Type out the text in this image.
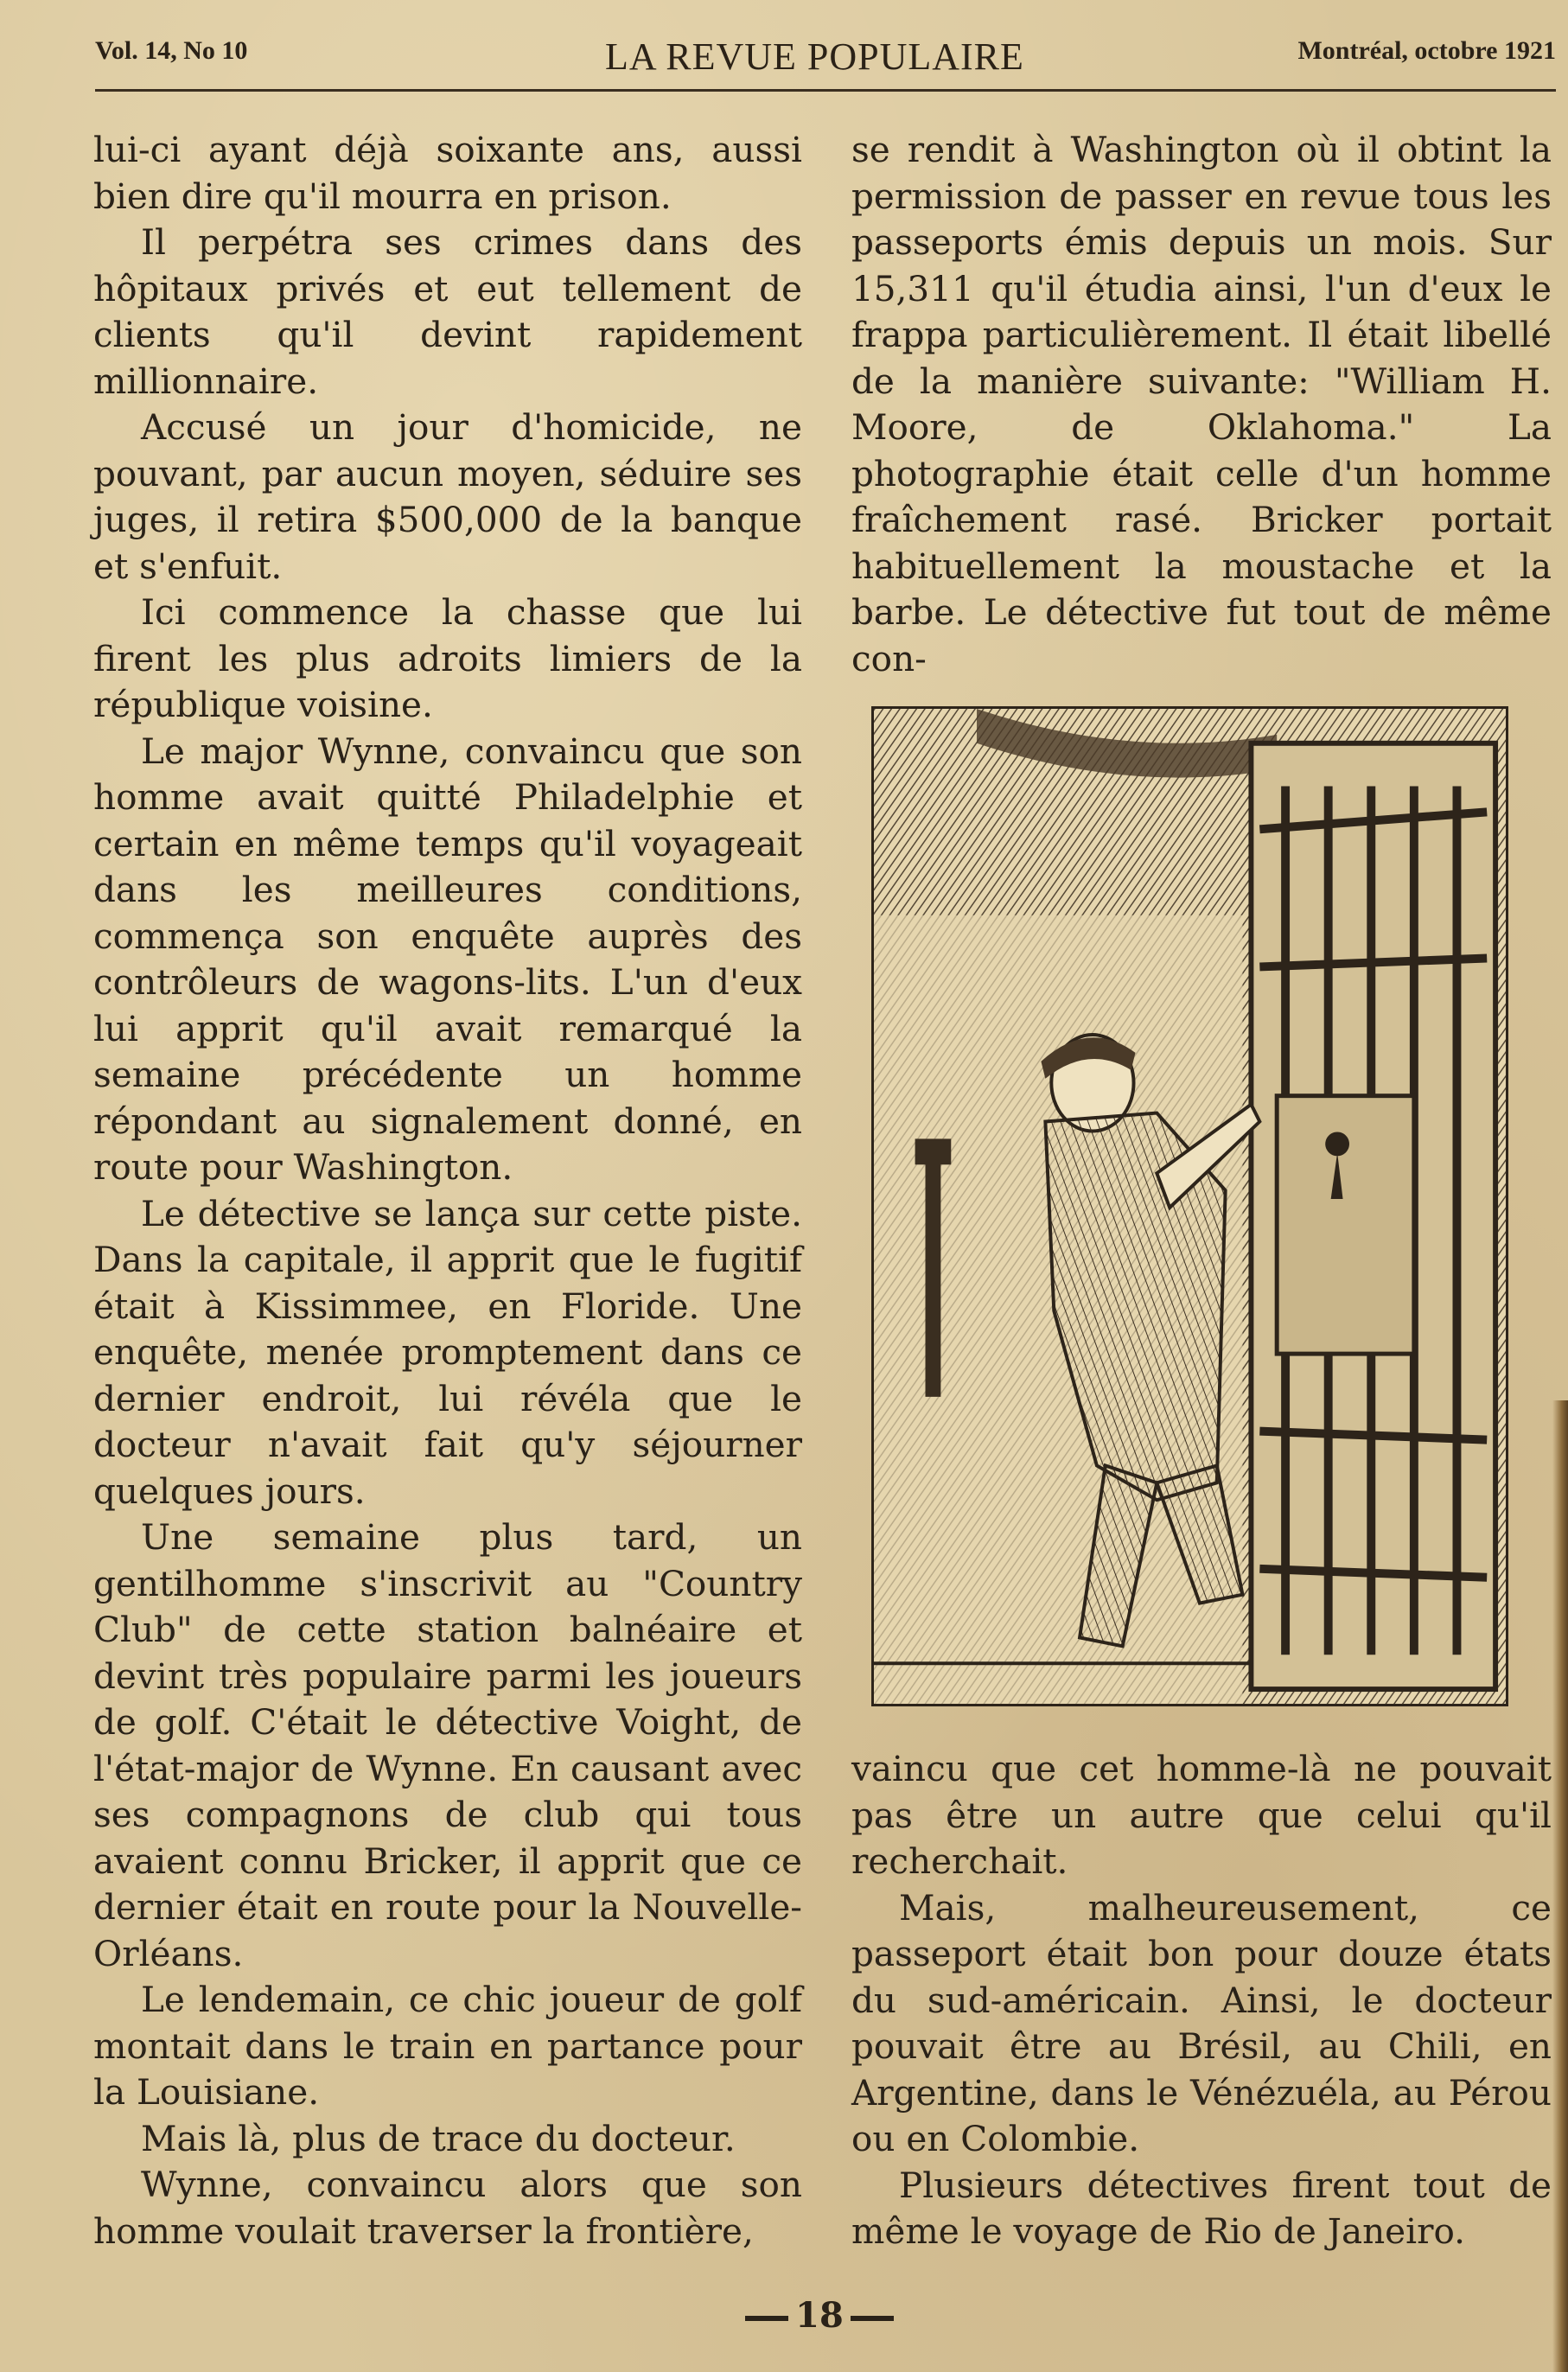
Vol. 14, No 10	LA REVUE POPULAIRE	Montréal, octobre 1921

lui-ci ayant déjà soixante ans, aussi bien dire qu'il mourra en prison.

Il perpétra ses crimes dans des hôpitaux privés et eut tellement de clients qu'il devint rapidement millionnaire.

Accusé un jour d'homicide, ne pouvant, par aucun moyen, séduire ses juges, il retira $500,000 de la banque et s'enfuit.

Ici commence la chasse que lui firent les plus adroits limiers de la république voisine.

Le major Wynne, convaincu que son homme avait quitté Philadelphie et certain en même temps qu'il voyageait dans les meilleures conditions, commença son enquête auprès des contrôleurs de wagons-lits. L'un d'eux lui apprit qu'il avait remarqué la semaine précédente un homme répondant au signalement donné, en route pour Washington.

Le détective se lança sur cette piste. Dans la capitale, il apprit que le fugitif était à Kissimmee, en Floride. Une enquête, menée promptement dans ce dernier endroit, lui révéla que le docteur n'avait fait qu'y séjourner quelques jours.

Une semaine plus tard, un gentilhomme s'inscrivit au "Country Club" de cette station balnéaire et devint très populaire parmi les joueurs de golf. C'était le détective Voight, de l'état-major de Wynne. En causant avec ses compagnons de club qui tous avaient connu Bricker, il apprit que ce dernier était en route pour la Nouvelle-Orléans.

Le lendemain, ce chic joueur de golf montait dans le train en partance pour la Louisiane.

Mais là, plus de trace du docteur.

Wynne, convaincu alors que son homme voulait traverser la frontière,

se rendit à Washington où il obtint la permission de passer en revue tous les passeports émis depuis un mois. Sur 15,311 qu'il étudia ainsi, l'un d'eux le frappa particulièrement. Il était libellé de la manière suivante: "William H. Moore, de Oklahoma." La photographie était celle d'un homme fraîchement rasé. Bricker portait habituellement la moustache et la barbe. Le détective fut tout de même con-

vaincu que cet homme-là ne pouvait pas être un autre que celui qu'il recherchait.

Mais, malheureusement, ce passeport était bon pour douze états du sud-américain. Ainsi, le docteur pouvait être au Brésil, au Chili, en Argentine, dans le Vénézuéla, au Pérou ou en Colombie.

Plusieurs détectives firent tout de même le voyage de Rio de Janeiro.

18
